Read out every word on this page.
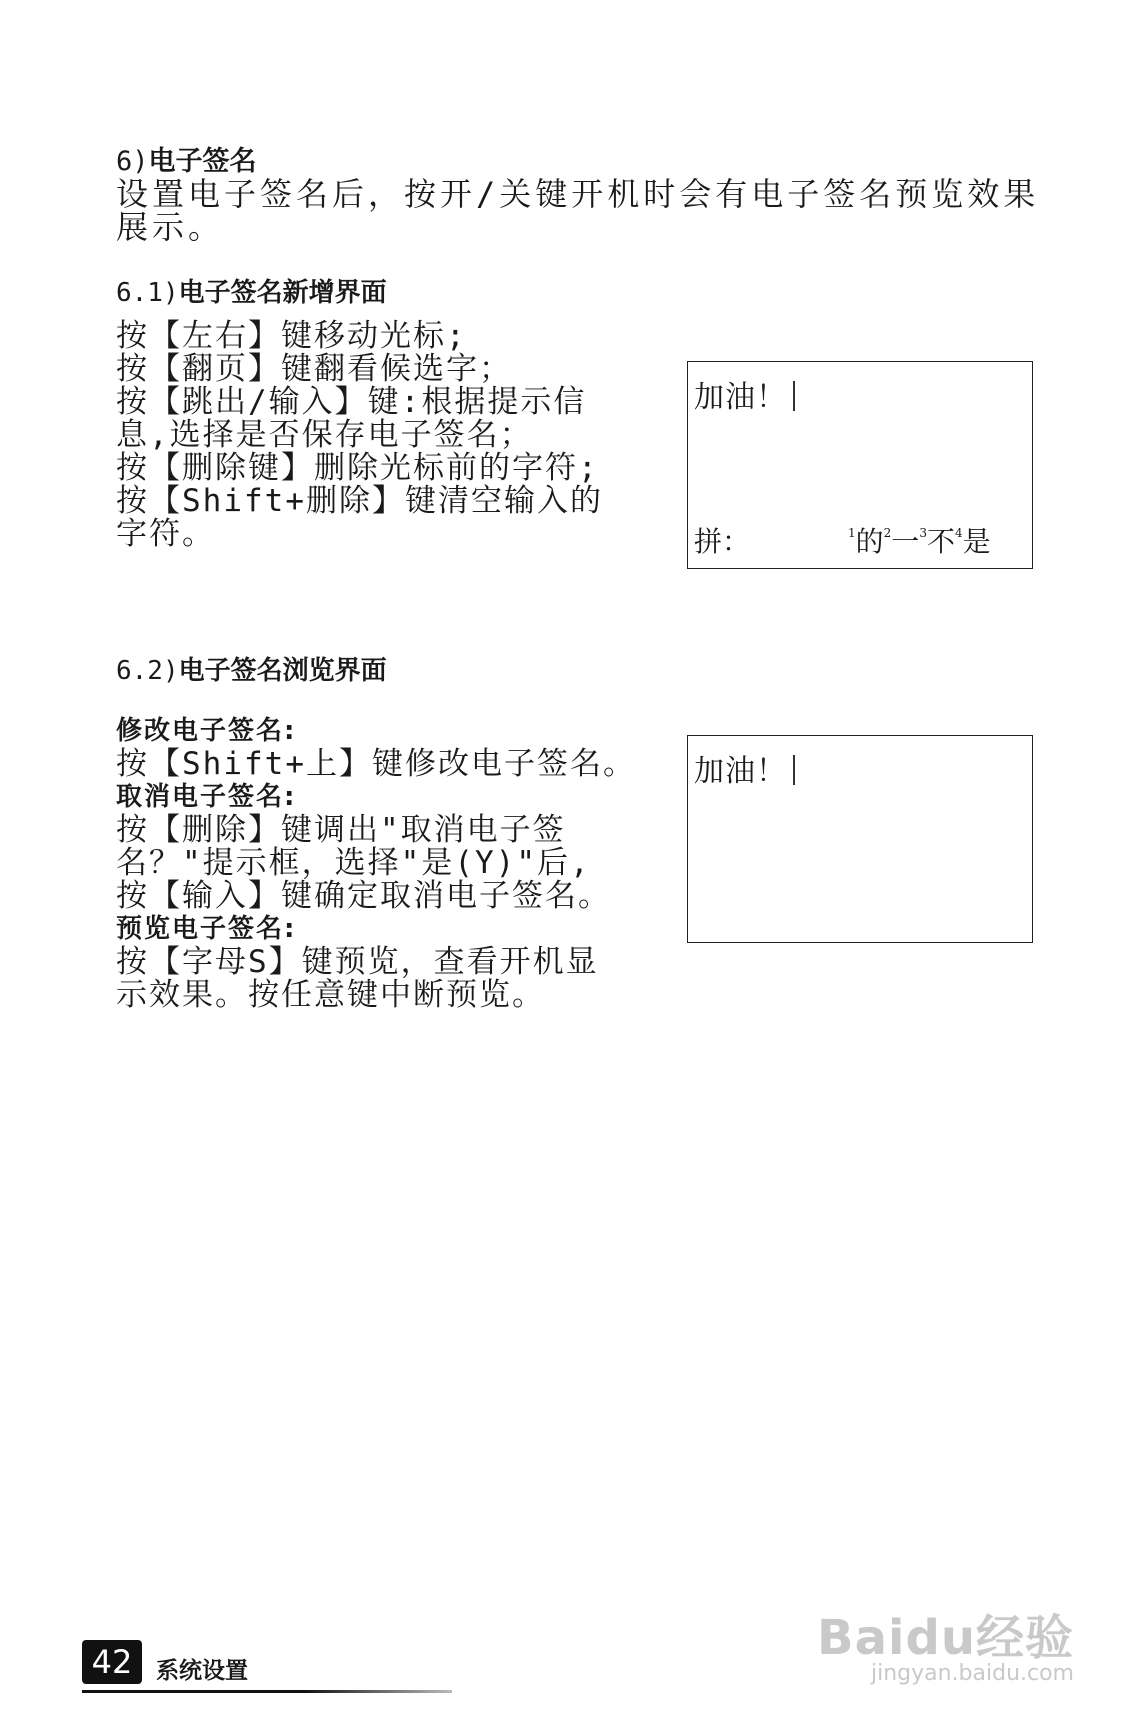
6)电子签名
设置电子签名后，按开/关键开机时会有电子签名预览效果展示。
6.1)电子签名新增界面
按【左右】键移动光标;
按【翻页】键翻看候选字；
按【跳出/输入】键:根据提示信
息,选择是否保存电子签名；
按【删除键】删除光标前的字符;
按【Shift+删除】键清空输入的
字符。
加油！
拼：	$^1$的$^2$一$^3$不$^4$是
6.2)电子签名浏览界面
修改电子签名:
按【Shift+上】键修改电子签名。
取消电子签名:
按【删除】键调出"取消电子签
名？"提示框，选择"是(Y)"后,
按【输入】键确定取消电子签名。
预览电子签名:
按【字母S】键预览，查看开机显
示效果。按任意键中断预览。
加油！
42	系统设置
Baidu经验
jingyan.baidu.com
